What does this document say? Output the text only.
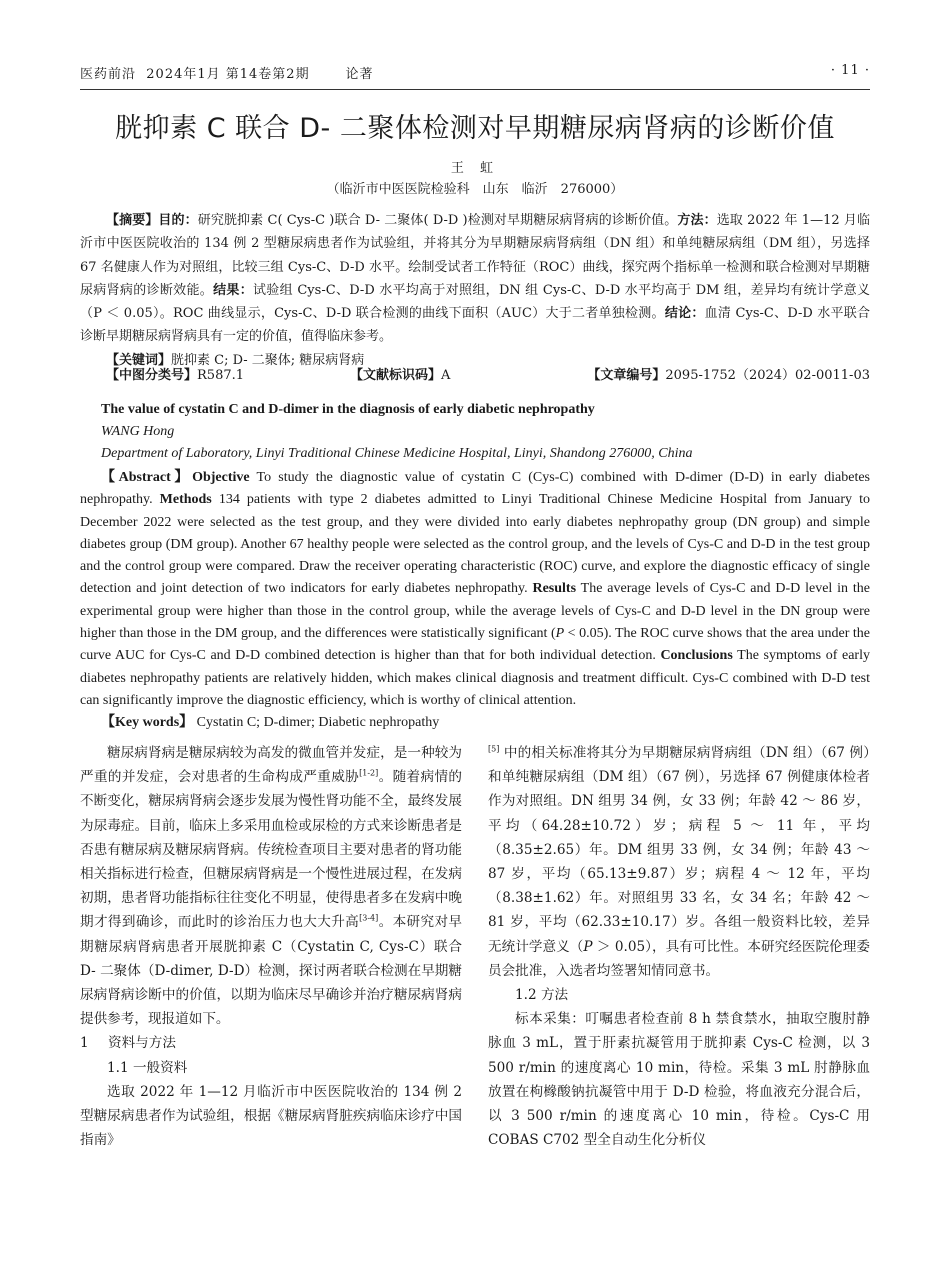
医药前沿 2024年1月 第14卷第2期	论著	· 11 ·
胱抑素 C 联合 D- 二聚体检测对早期糖尿病肾病的诊断价值
王 虹
（临沂市中医医院检验科　山东　临沂　276000）

【摘要】目的：研究胱抑素 C( Cys-C )联合 D- 二聚体( D-D )检测对早期糖尿病肾病的诊断价值。方法：选取 2022 年 1—12 月临沂市中医医院收治的 134 例 2 型糖尿病患者作为试验组，并将其分为早期糖尿病肾病组（DN 组）和单纯糖尿病组（DM 组），另选择 67 名健康人作为对照组，比较三组 Cys-C、D-D 水平。绘制受试者工作特征（ROC）曲线，探究两个指标单一检测和联合检测对早期糖尿病肾病的诊断效能。结果：试验组 Cys-C、D-D 水平均高于对照组，DN 组 Cys-C、D-D 水平均高于 DM 组，差异均有统计学意义（P ＜ 0.05）。ROC 曲线显示，Cys-C、D-D 联合检测的曲线下面积（AUC）大于二者单独检测。结论：血清 Cys-C、D-D 水平联合诊断早期糖尿病肾病具有一定的价值，值得临床参考。

【关键词】胱抑素 C; D- 二聚体; 糖尿病肾病

【中图分类号】R587.1	【文献标识码】A	【文章编号】2095-1752（2024）02-0011-03
The value of cystatin C and D-dimer in the diagnosis of early diabetic nephropathy
WANG Hong
Department of Laboratory, Linyi Traditional Chinese Medicine Hospital, Linyi, Shandong 276000, China

【Abstract】Objective To study the diagnostic value of cystatin C (Cys-C) combined with D-dimer (D-D) in early diabetes nephropathy. Methods 134 patients with type 2 diabetes admitted to Linyi Traditional Chinese Medicine Hospital from January to December 2022 were selected as the test group, and they were divided into early diabetes nephropathy group (DN group) and simple diabetes group (DM group). Another 67 healthy people were selected as the control group, and the levels of Cys-C and D-D in the test group and the control group were compared. Draw the receiver operating characteristic (ROC) curve, and explore the diagnostic efficacy of single detection and joint detection of two indicators for early diabetes nephropathy. Results The average levels of Cys-C and D-D level in the experimental group were higher than those in the control group, while the average levels of Cys-C and D-D level in the DN group were higher than those in the DM group, and the differences were statistically significant (P < 0.05). The ROC curve shows that the area under the curve AUC for Cys-C and D-D combined detection is higher than that for both individual detection. Conclusions The symptoms of early diabetes nephropathy patients are relatively hidden, which makes clinical diagnosis and treatment difficult. Cys-C combined with D-D test can significantly improve the diagnostic efficiency, which is worthy of clinical attention.

【Key words】 Cystatin C; D-dimer; Diabetic nephropathy

糖尿病肾病是糖尿病较为高发的微血管并发症，是一种较为严重的并发症，会对患者的生命构成严重威胁[1-2]。随着病情的不断变化，糖尿病肾病会逐步发展为慢性肾功能不全，最终发展为尿毒症。目前，临床上多采用血检或尿检的方式来诊断患者是否患有糖尿病及糖尿病肾病。传统检查项目主要对患者的肾功能相关指标进行检查，但糖尿病肾病是一个慢性进展过程，在发病初期，患者肾功能指标往往变化不明显，使得患者多在发病中晚期才得到确诊，而此时的诊治压力也大大升高[3-4]。本研究对早期糖尿病肾病患者开展胱抑素 C（Cystatin C, Cys-C）联合 D- 二聚体（D-dimer, D-D）检测，探讨两者联合检测在早期糖尿病肾病诊断中的价值，以期为临床尽早确诊并治疗糖尿病肾病提供参考，现报道如下。

1 资料与方法

1.1 一般资料

选取 2022 年 1—12 月临沂市中医医院收治的 134 例 2 型糖尿病患者作为试验组，根据《糖尿病肾脏疾病临床诊疗中国指南》

[5] 中的相关标准将其分为早期糖尿病肾病组（DN 组）（67 例）和单纯糖尿病组（DM 组）（67 例），另选择 67 例健康体检者作为对照组。DN 组男 34 例，女 33 例；年龄 42 ～ 86 岁，平均（64.28±10.72）岁；病程 5 ～ 11 年，平均（8.35±2.65）年。DM 组男 33 例，女 34 例；年龄 43 ～ 87 岁，平均（65.13±9.87）岁；病程 4 ～ 12 年，平均（8.38±1.62）年。对照组男 33 名，女 34 名；年龄 42 ～ 81 岁，平均（62.33±10.17）岁。各组一般资料比较，差异无统计学意义（P ＞ 0.05），具有可比性。本研究经医院伦理委员会批准，入选者均签署知情同意书。

1.2 方法

标本采集：叮嘱患者检查前 8 h 禁食禁水，抽取空腹肘静脉血 3 mL，置于肝素抗凝管用于胱抑素 Cys-C 检测，以 3 500 r/min 的速度离心 10 min，待检。采集 3 mL 肘静脉血放置在枸橼酸钠抗凝管中用于 D-D 检验，将血液充分混合后，以 3 500 r/min 的速度离心 10 min，待检。Cys-C 用 COBAS C702 型全自动生化分析仪
